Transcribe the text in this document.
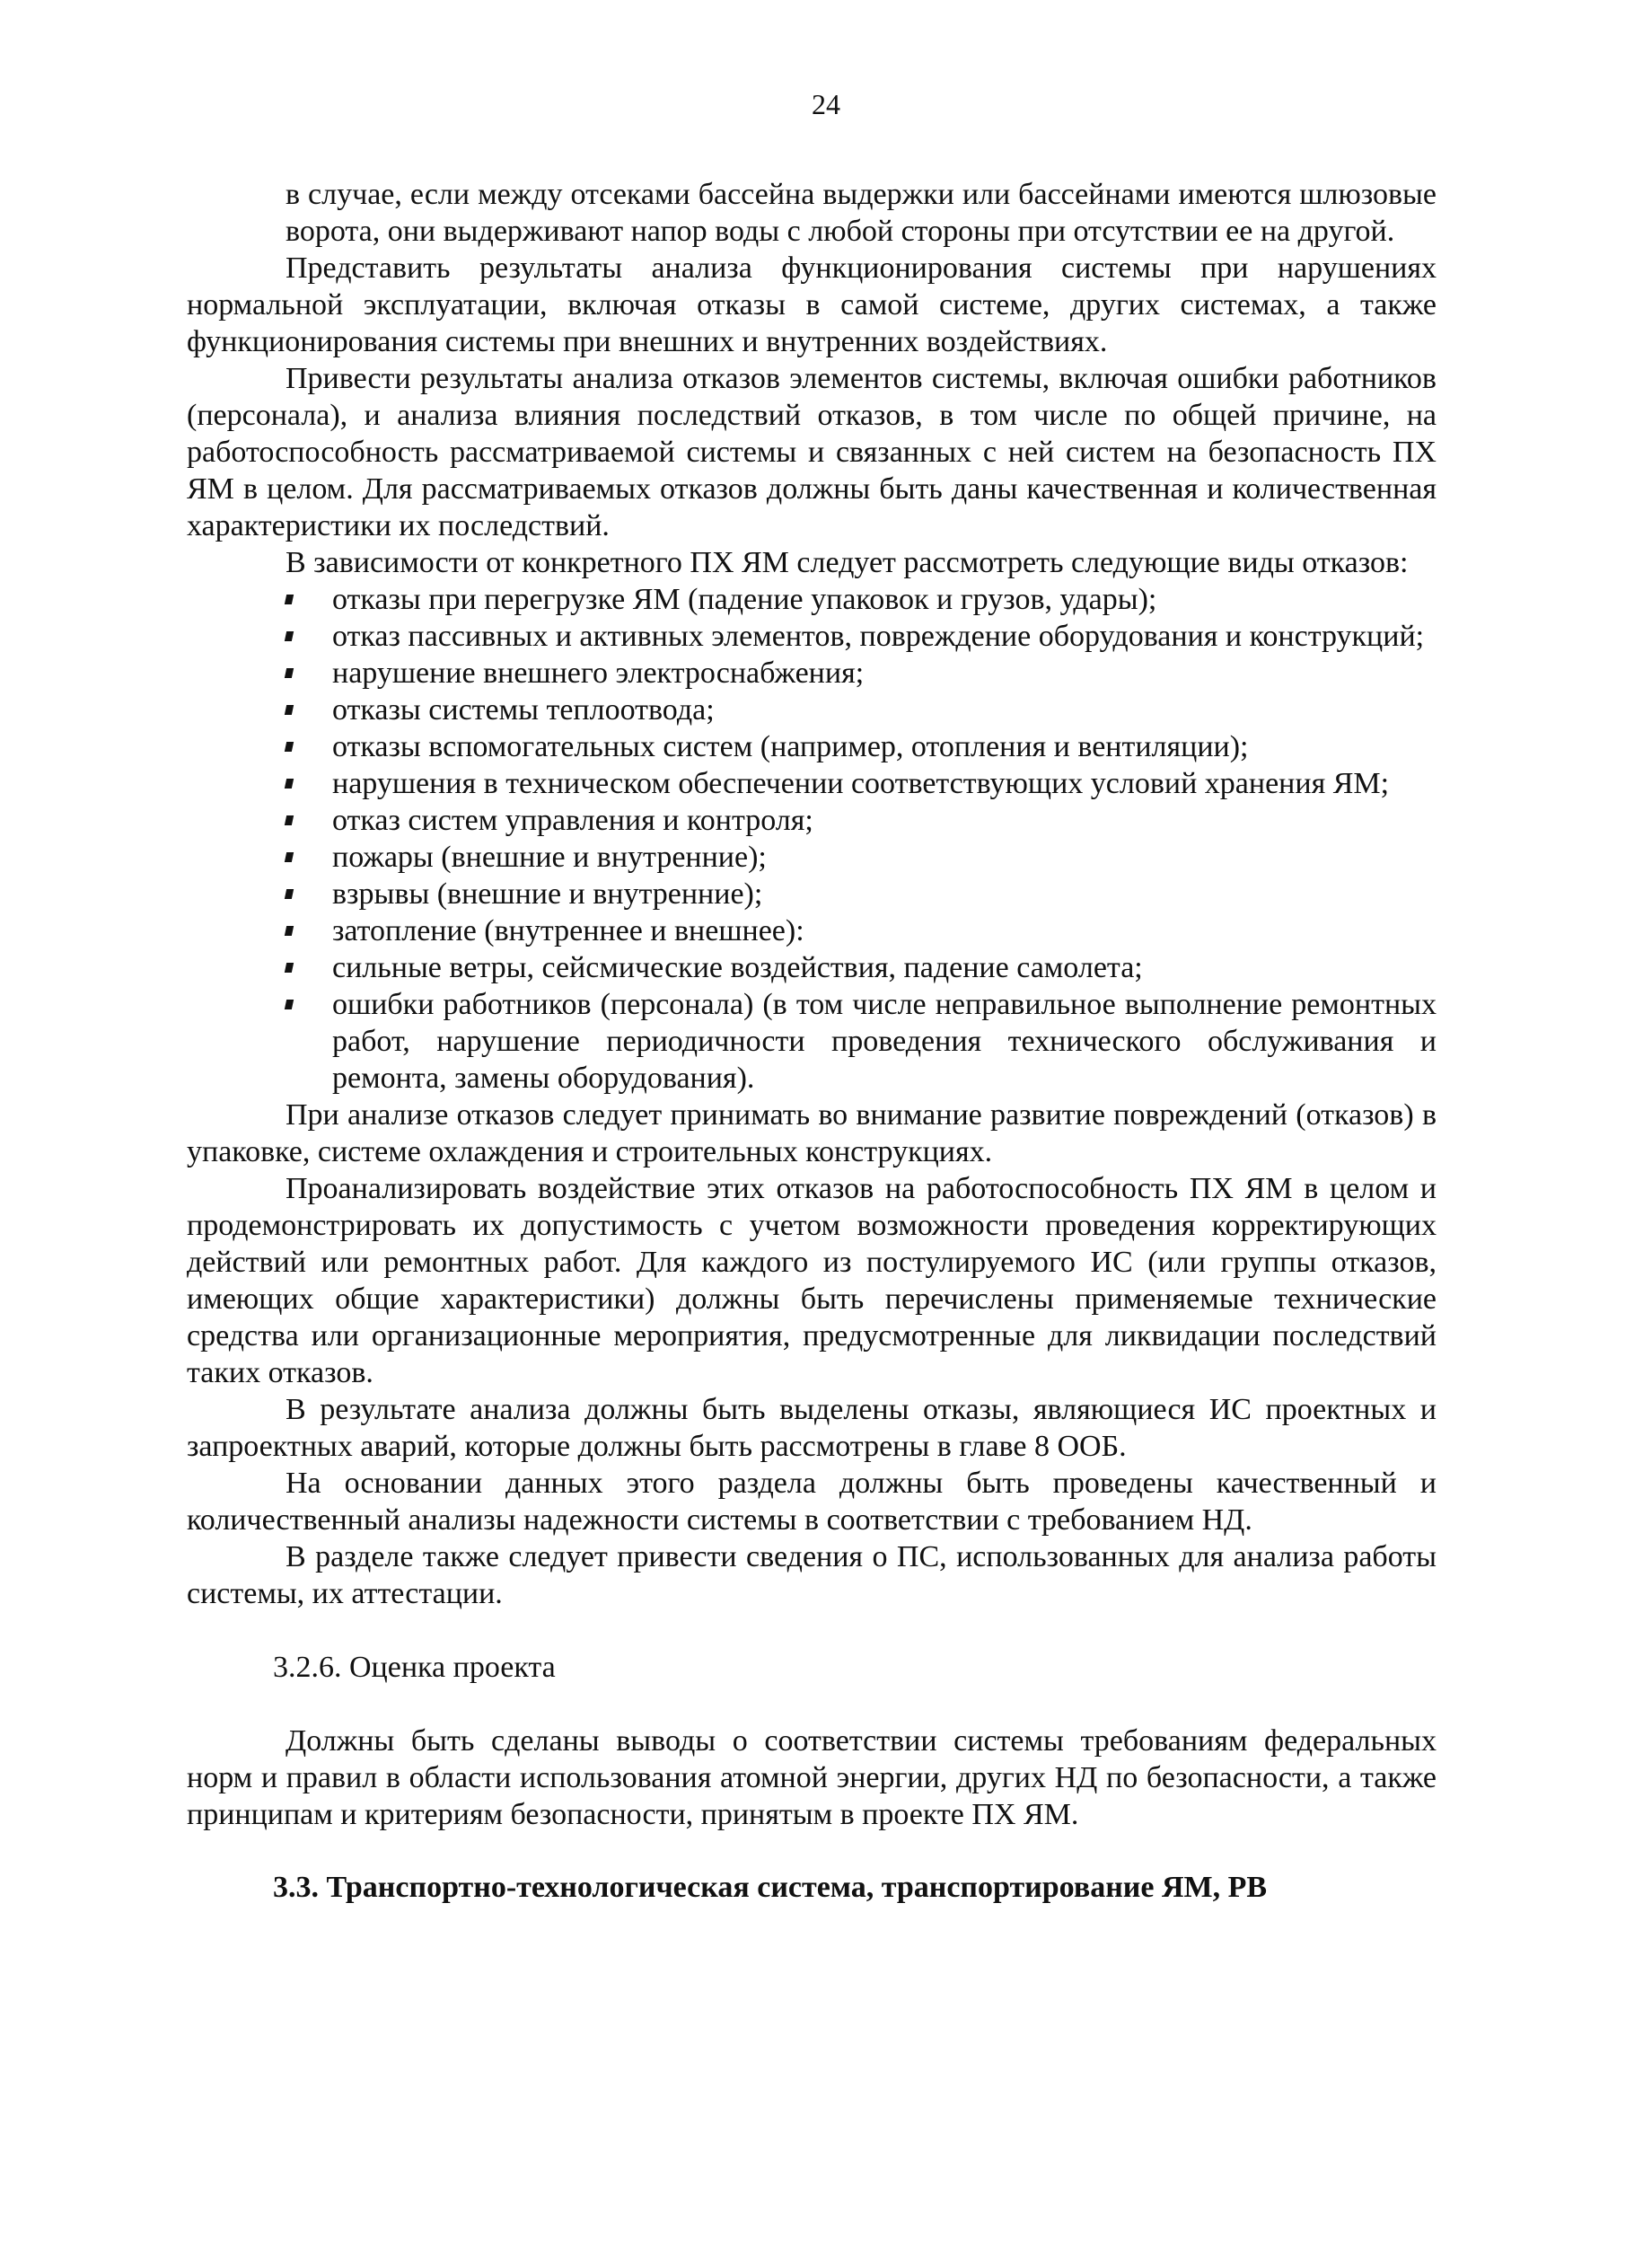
24

в случае, если между отсеками бассейна выдержки или бассейнами имеются шлюзовые ворота, они выдерживают напор воды с любой стороны при отсутствии ее на другой.

Представить результаты анализа функционирования системы при нарушениях нормальной эксплуатации, включая отказы в самой системе, других системах, а также функционирования системы при внешних и внутренних воздействиях.

Привести результаты анализа отказов элементов системы, включая ошибки работников (персонала), и анализа влияния последствий отказов, в том числе по общей причине, на работоспособность рассматриваемой системы и связанных с ней систем на безопасность ПХ ЯМ в целом. Для рассматриваемых отказов должны быть даны качественная и количественная характеристики их последствий.

В зависимости от конкретного ПХ ЯМ следует рассмотреть следующие виды отказов:

отказы при перегрузке ЯМ (падение упаковок и грузов, удары);
отказ пассивных и активных элементов, повреждение оборудования и конструкций;
нарушение внешнего электроснабжения;
отказы системы теплоотвода;
отказы вспомогательных систем (например, отопления и вентиляции);
нарушения в техническом обеспечении соответствующих условий хранения ЯМ;
отказ систем управления и контроля;
пожары (внешние и внутренние);
взрывы (внешние и внутренние);
затопление (внутреннее и внешнее):
сильные ветры, сейсмические воздействия, падение самолета;
ошибки работников (персонала) (в том числе неправильное выполнение ремонтных работ, нарушение периодичности проведения технического обслуживания и ремонта, замены оборудования).

При анализе отказов следует принимать во внимание развитие повреждений (отказов) в упаковке, системе охлаждения и строительных конструкциях.

Проанализировать воздействие этих отказов на работоспособность ПХ ЯМ в целом и продемонстрировать их допустимость с учетом возможности проведения корректирующих действий или ремонтных работ. Для каждого из постулируемого ИС (или группы отказов, имеющих общие характеристики) должны быть перечислены применяемые технические средства или организационные мероприятия, предусмотренные для ликвидации последствий таких отказов.

В результате анализа должны быть выделены отказы, являющиеся ИС проектных и запроектных аварий, которые должны быть рассмотрены в главе 8 ООБ.

На основании данных этого раздела должны быть проведены качественный и количественный анализы надежности системы в соответствии с требованием НД.

В разделе также следует привести сведения о ПС, использованных для анализа работы системы, их аттестации.

3.2.6. Оценка проекта

Должны быть сделаны выводы о соответствии системы требованиям федеральных норм и правил в области использования атомной энергии, других НД по безопасности, а также принципам и критериям безопасности, принятым в проекте ПХ ЯМ.

3.3. Транспортно-технологическая система, транспортирование ЯМ, РВ
